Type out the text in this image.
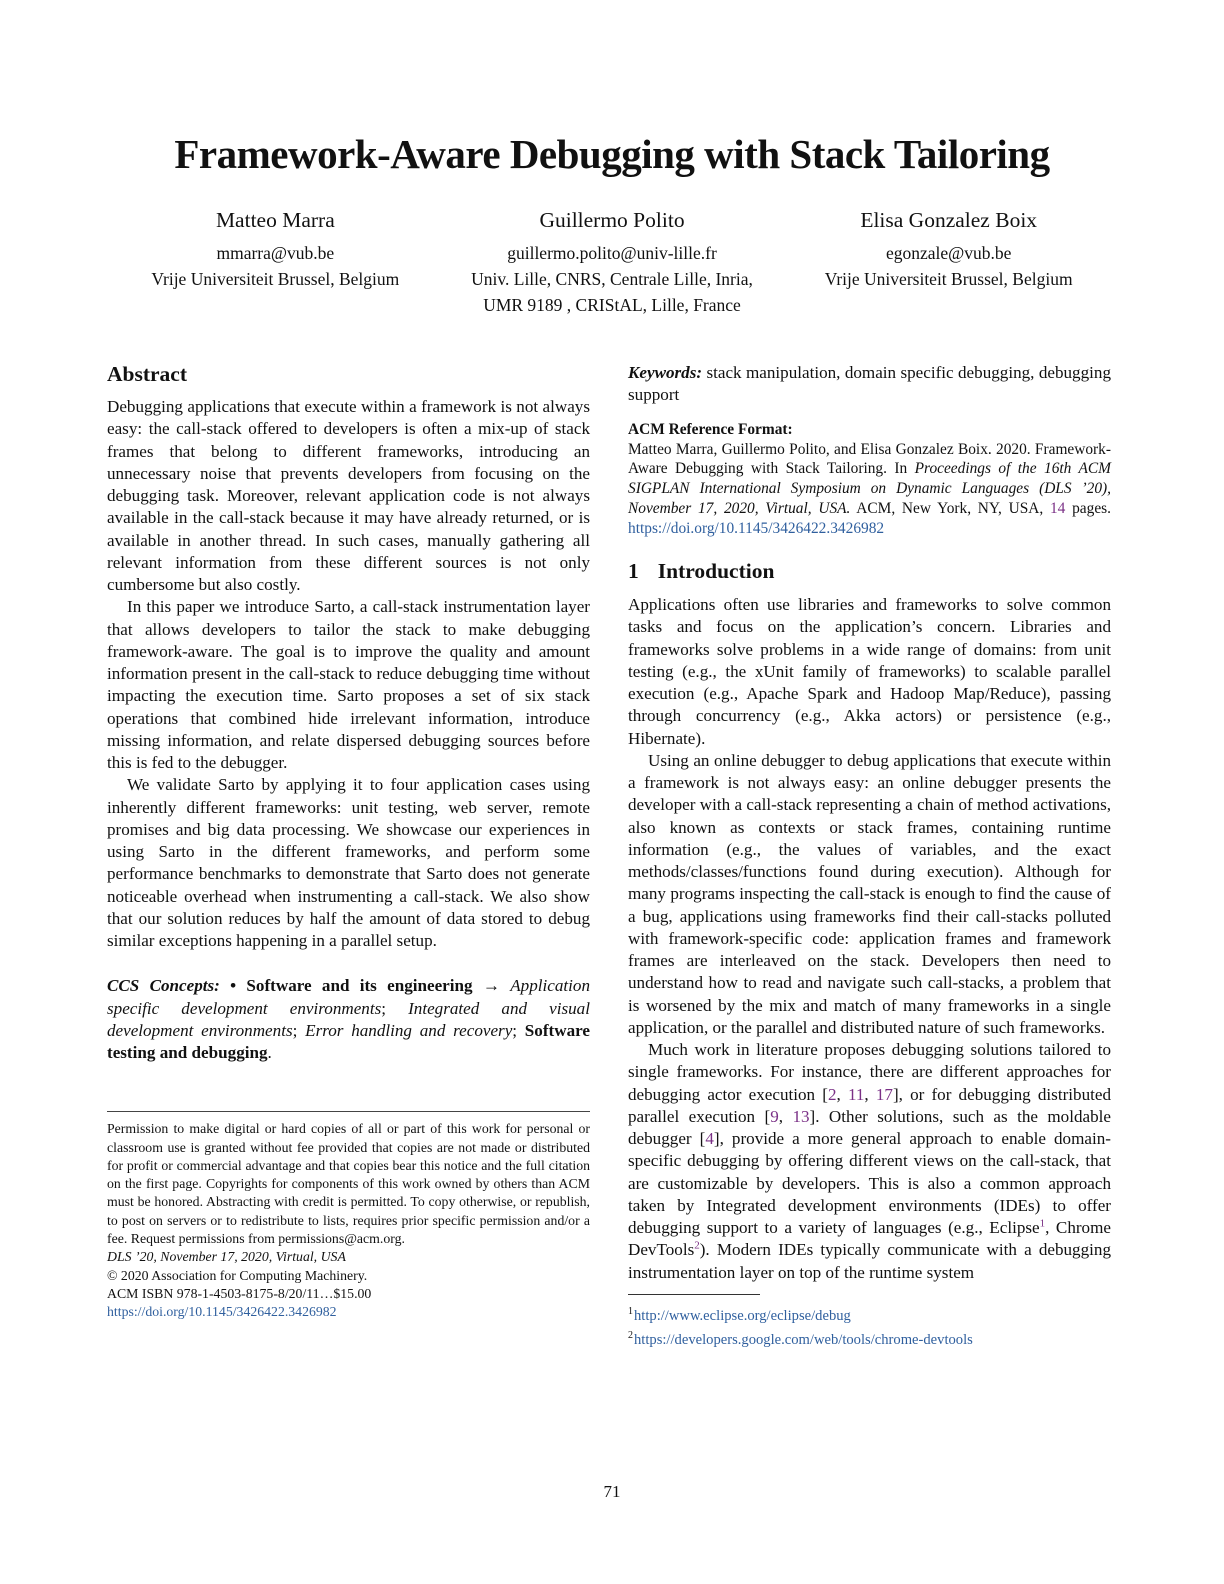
Framework-Aware Debugging with Stack Tailoring
Matteo Marra
mmarra@vub.be
Vrije Universiteit Brussel, Belgium
Guillermo Polito
guillermo.polito@univ-lille.fr
Univ. Lille, CNRS, Centrale Lille, Inria,
UMR 9189 , CRIStAL, Lille, France
Elisa Gonzalez Boix
egonzale@vub.be
Vrije Universiteit Brussel, Belgium
Abstract

Debugging applications that execute within a framework is not always easy: the call-stack offered to developers is often a mix-up of stack frames that belong to different frameworks, introducing an unnecessary noise that prevents developers from focusing on the debugging task. Moreover, relevant application code is not always available in the call-stack because it may have already returned, or is available in another thread. In such cases, manually gathering all relevant information from these different sources is not only cumbersome but also costly.

In this paper we introduce Sarto, a call-stack instrumentation layer that allows developers to tailor the stack to make debugging framework-aware. The goal is to improve the quality and amount information present in the call-stack to reduce debugging time without impacting the execution time. Sarto proposes a set of six stack operations that combined hide irrelevant information, introduce missing information, and relate dispersed debugging sources before this is fed to the debugger.

We validate Sarto by applying it to four application cases using inherently different frameworks: unit testing, web server, remote promises and big data processing. We showcase our experiences in using Sarto in the different frameworks, and perform some performance benchmarks to demonstrate that Sarto does not generate noticeable overhead when instrumenting a call-stack. We also show that our solution reduces by half the amount of data stored to debug similar exceptions happening in a parallel setup.

CCS Concepts: • Software and its engineering → Application specific development environments; Integrated and visual development environments; Error handling and recovery; Software testing and debugging.

Permission to make digital or hard copies of all or part of this work for personal or classroom use is granted without fee provided that copies are not made or distributed for profit or commercial advantage and that copies bear this notice and the full citation on the first page. Copyrights for components of this work owned by others than ACM must be honored. Abstracting with credit is permitted. To copy otherwise, or republish, to post on servers or to redistribute to lists, requires prior specific permission and/or a fee. Request permissions from permissions@acm.org.

DLS ’20, November 17, 2020, Virtual, USA

© 2020 Association for Computing Machinery.

ACM ISBN 978-1-4503-8175-8/20/11…$15.00

https://doi.org/10.1145/3426422.3426982

Keywords: stack manipulation, domain specific debugging, debugging support

ACM Reference Format:

Matteo Marra, Guillermo Polito, and Elisa Gonzalez Boix. 2020. Framework-Aware Debugging with Stack Tailoring. In Proceedings of the 16th ACM SIGPLAN International Symposium on Dynamic Languages (DLS ’20), November 17, 2020, Virtual, USA. ACM, New York, NY, USA, 14 pages. https://doi.org/10.1145/3426422.3426982

1 Introduction

Applications often use libraries and frameworks to solve common tasks and focus on the application’s concern. Libraries and frameworks solve problems in a wide range of domains: from unit testing (e.g., the xUnit family of frameworks) to scalable parallel execution (e.g., Apache Spark and Hadoop Map/Reduce), passing through concurrency (e.g., Akka actors) or persistence (e.g., Hibernate).

Using an online debugger to debug applications that execute within a framework is not always easy: an online debugger presents the developer with a call-stack representing a chain of method activations, also known as contexts or stack frames, containing runtime information (e.g., the values of variables, and the exact methods/classes/functions found during execution). Although for many programs inspecting the call-stack is enough to find the cause of a bug, applications using frameworks find their call-stacks polluted with framework-specific code: application frames and framework frames are interleaved on the stack. Developers then need to understand how to read and navigate such call-stacks, a problem that is worsened by the mix and match of many frameworks in a single application, or the parallel and distributed nature of such frameworks.

Much work in literature proposes debugging solutions tailored to single frameworks. For instance, there are different approaches for debugging actor execution [2, 11, 17], or for debugging distributed parallel execution [9, 13]. Other solutions, such as the moldable debugger [4], provide a more general approach to enable domain-specific debugging by offering different views on the call-stack, that are customizable by developers. This is also a common approach taken by Integrated development environments (IDEs) to offer debugging support to a variety of languages (e.g., Eclipse$^1$, Chrome DevTools$^2$). Modern IDEs typically communicate with a debugging instrumentation layer on top of the runtime system

$^1$http://www.eclipse.org/eclipse/debug
$^2$https://developers.google.com/web/tools/chrome-devtools
71
